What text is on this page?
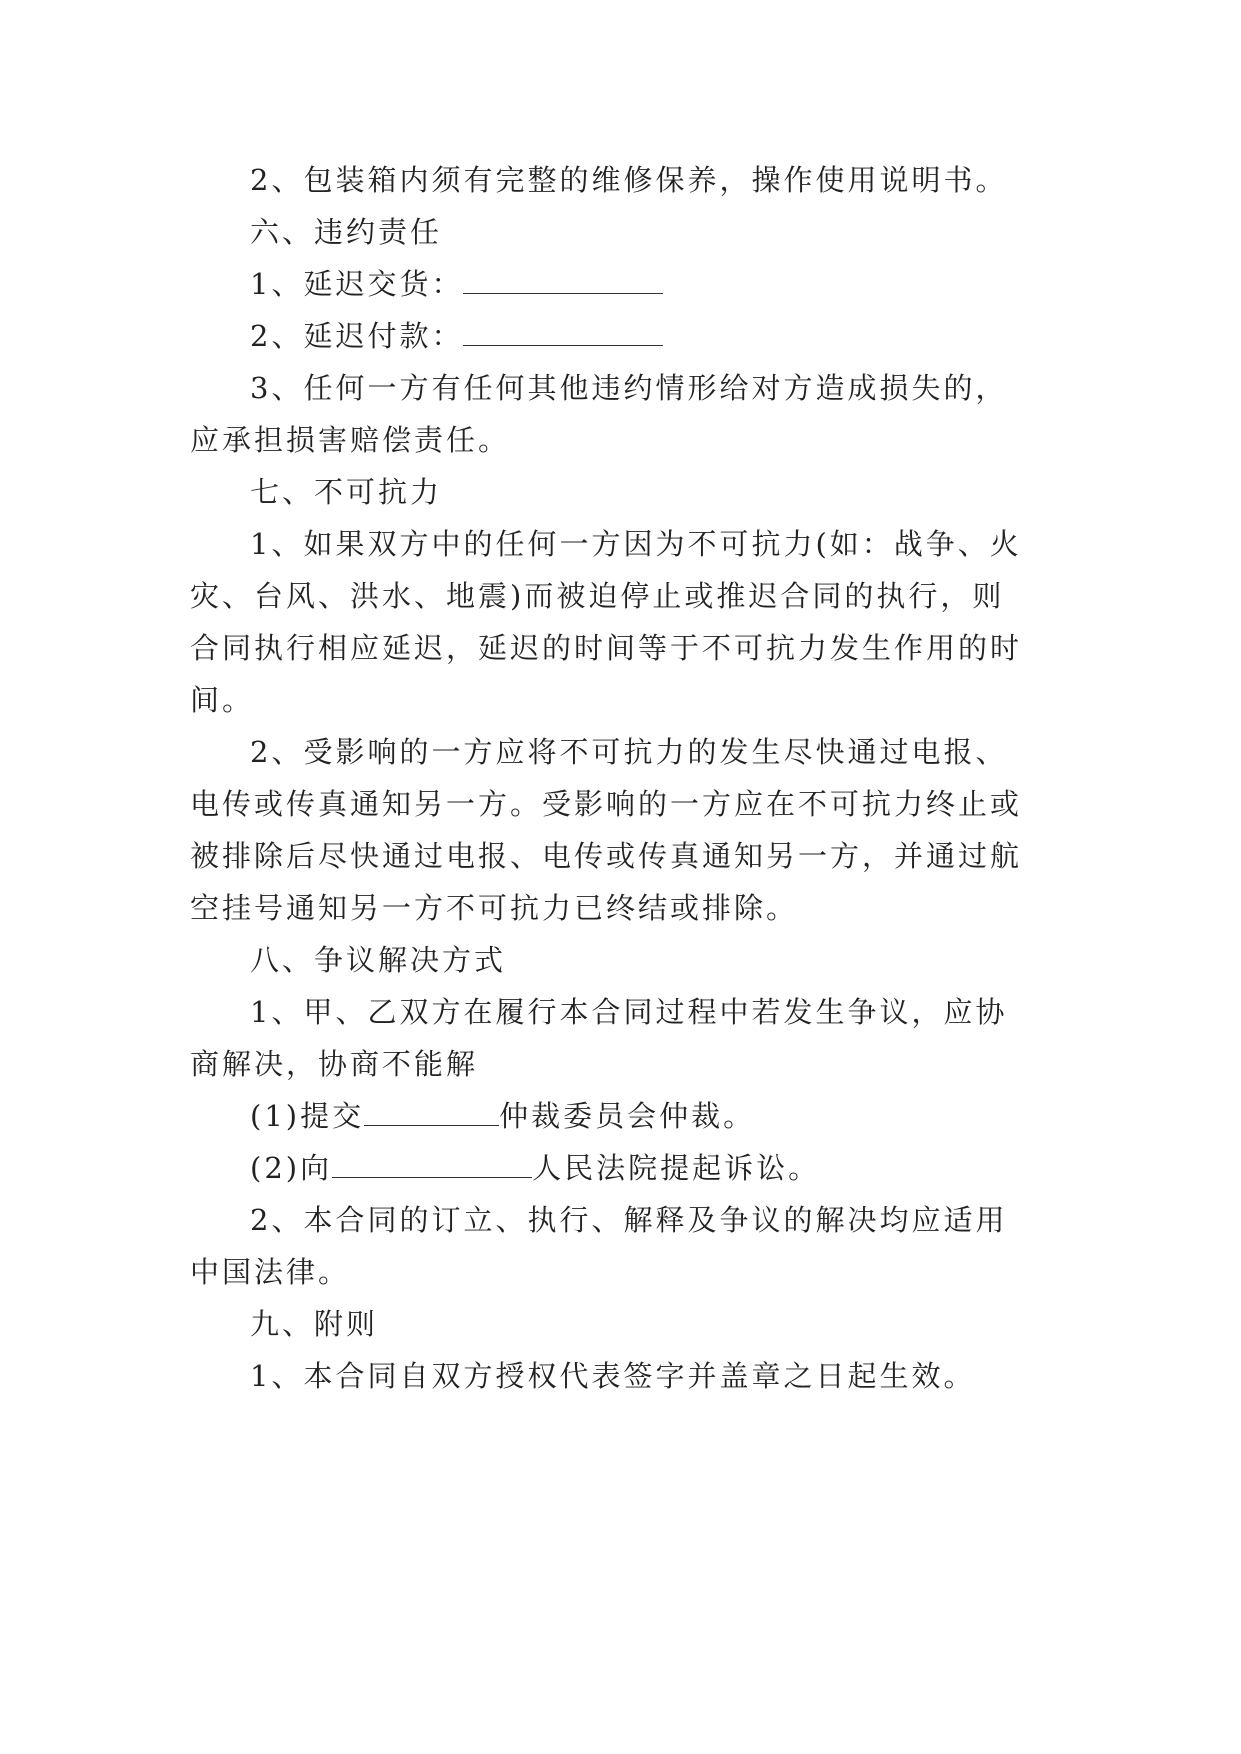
2、包装箱内须有完整的维修保养，操作使用说明书。
六、违约责任
1、延迟交货：
2、延迟付款：
3、任何一方有任何其他违约情形给对方造成损失的，
应承担损害赔偿责任。
七、不可抗力
1、如果双方中的任何一方因为不可抗力(如：战争、火
灾、台风、洪水、地震)而被迫停止或推迟合同的执行，则
合同执行相应延迟，延迟的时间等于不可抗力发生作用的时
间。
2、受影响的一方应将不可抗力的发生尽快通过电报、
电传或传真通知另一方。受影响的一方应在不可抗力终止或
被排除后尽快通过电报、电传或传真通知另一方，并通过航
空挂号通知另一方不可抗力已终结或排除。
八、争议解决方式
1、甲、乙双方在履行本合同过程中若发生争议，应协
商解决，协商不能解
(1)提交	仲裁委员会仲裁。
(2)向	人民法院提起诉讼。
2、本合同的订立、执行、解释及争议的解决均应适用
中国法律。
九、附则
1、本合同自双方授权代表签字并盖章之日起生效。
